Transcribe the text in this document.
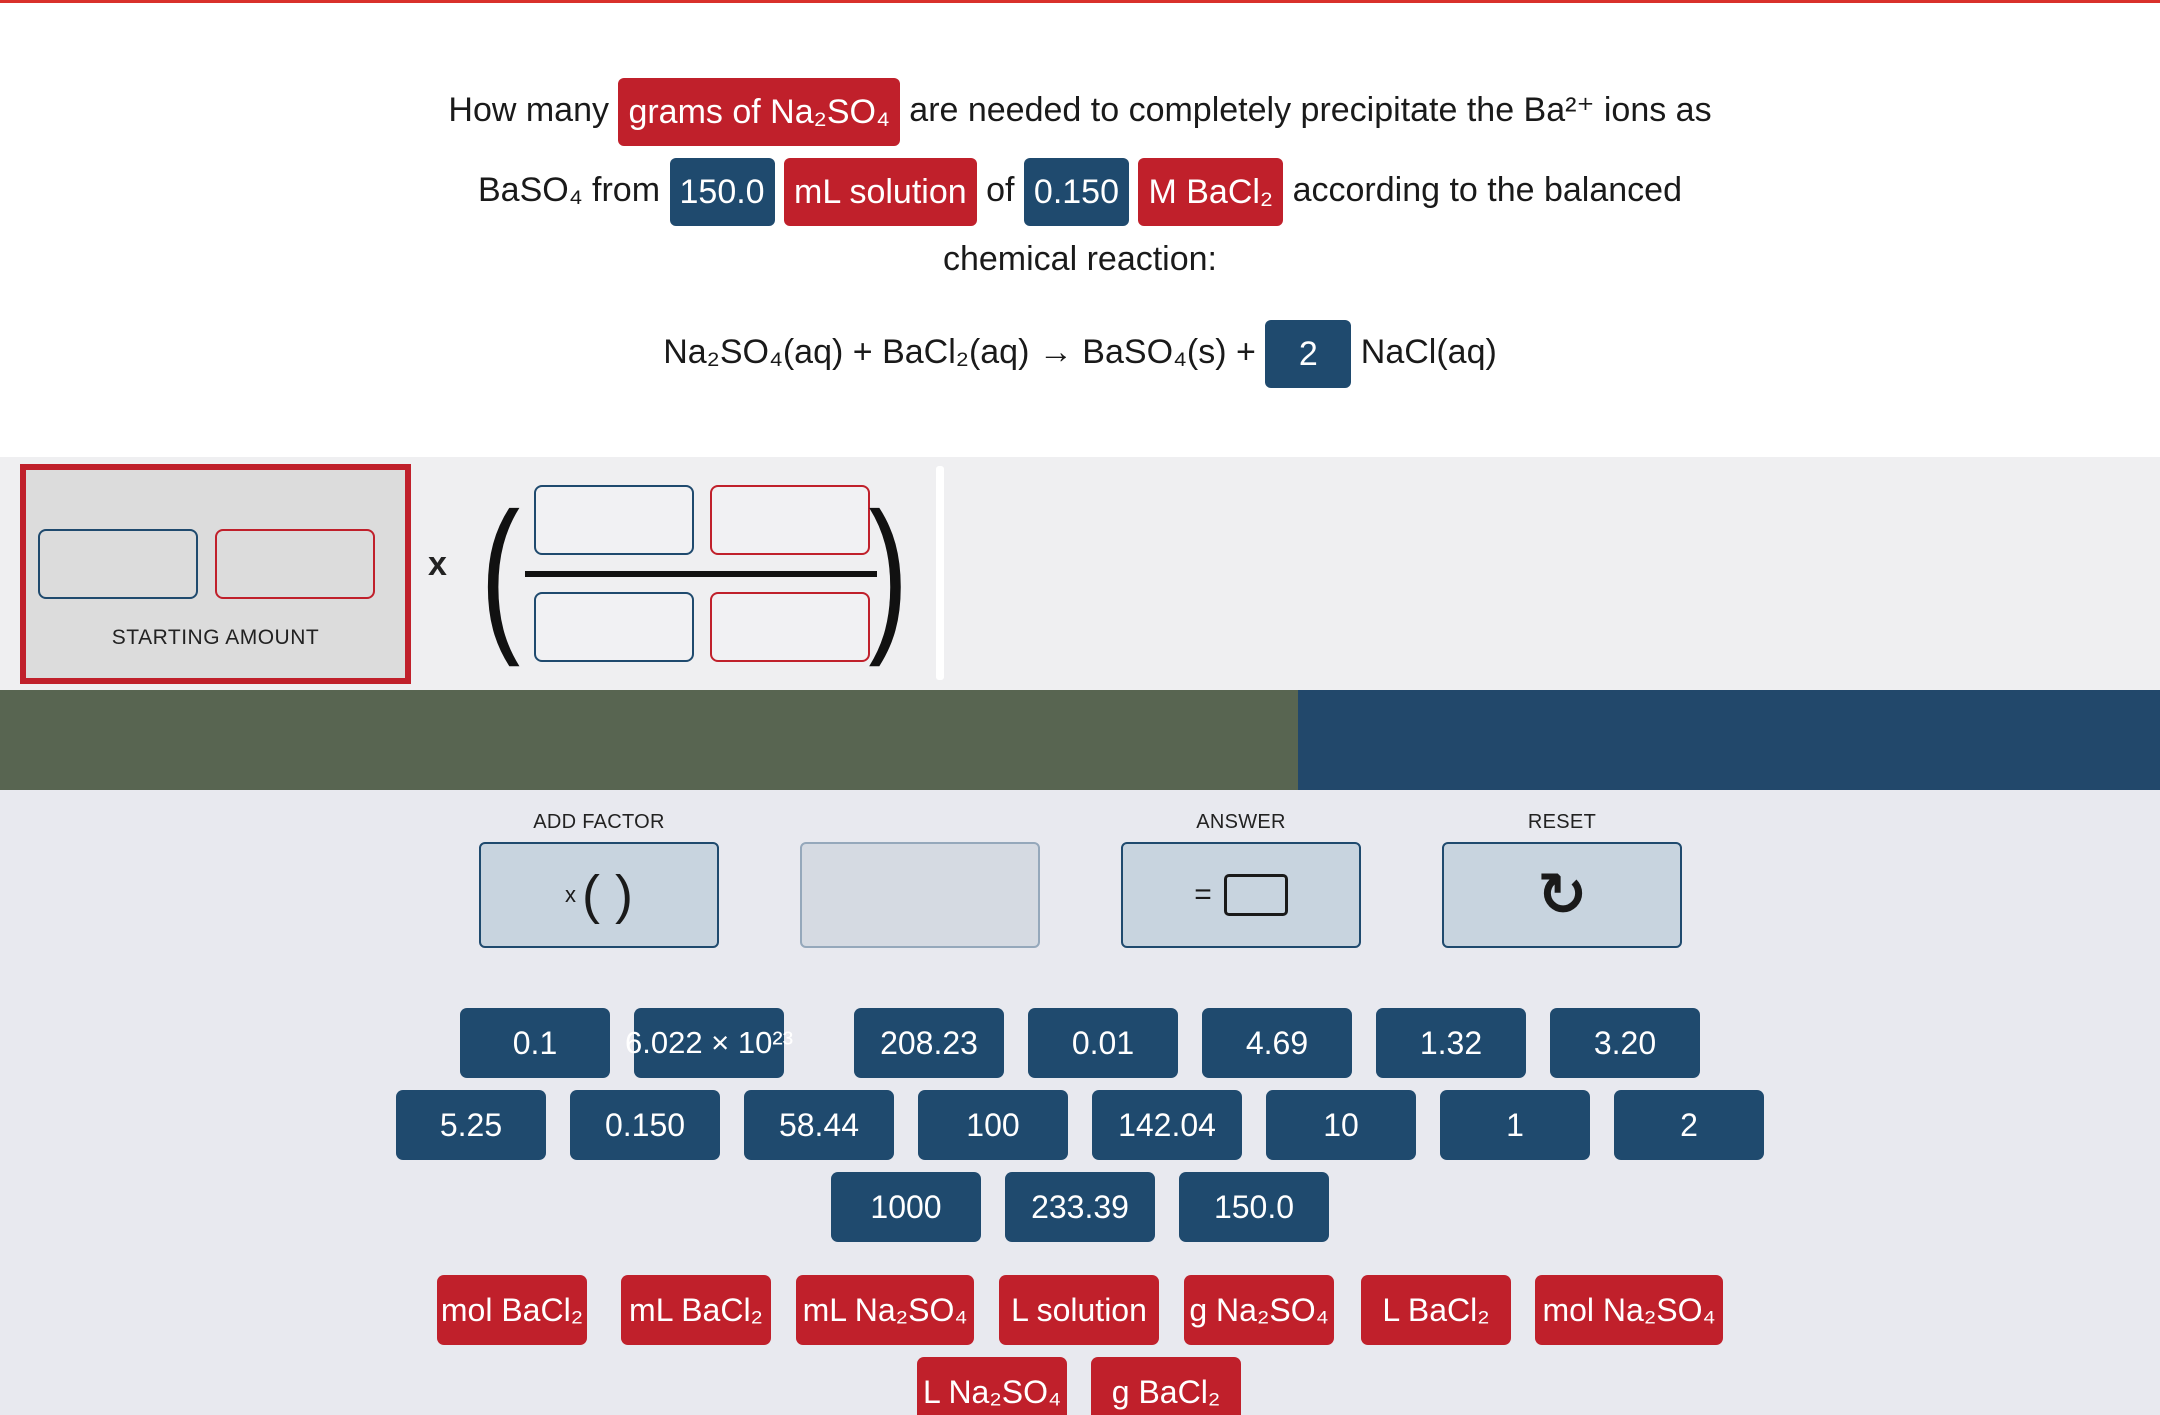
How many grams of Na₂SO₄ are needed to completely precipitate the Ba²⁺ ions as
BaSO₄ from 150.0 mL solution of 0.150 M BaCl₂ according to the balanced
chemical reaction:
Na₂SO₄(aq) + BaCl₂(aq) → BaSO₄(s) + 2 NaCl(aq)
STARTING AMOUNT
x ( )
ADD FACTOR
x ( )
ANSWER
=
RESET
↺
0.1	6.022 × 10²³	208.23	0.01	4.69	1.32	3.20
5.25	0.150	58.44	100	142.04	10	1	2
1000	233.39	150.0
mol BaCl₂ mL BaCl₂ mL Na₂SO₄	L solution	g Na₂SO₄	L BaCl₂	mol Na₂SO₄
L Na₂SO₄	g BaCl₂
